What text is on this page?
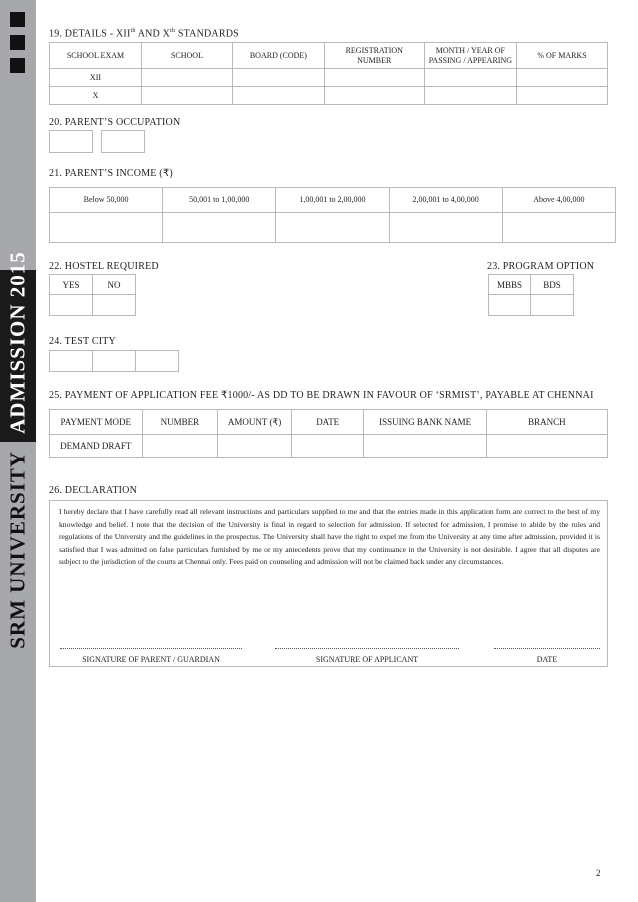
SRM UNIVERSITY ADMISSION 2015
19. DETAILS - XIIth AND Xth STANDARDS
SCHOOL EXAM	SCHOOL	BOARD (CODE)	REGISTRATION NUMBER	MONTH / YEAR OF PASSING / APPEARING	% OF MARKS
XII					
X					
20. PARENT’S OCCUPATION
21. PARENT’S INCOME (₹)
Below 50,000	50,001 to 1,00,000	1,00,001 to 2,00,000	2,00,001 to 4,00,000	Above 4,00,000

22. HOSTEL REQUIRED
YES	NO

23. PROGRAM OPTION
MBBS	BDS

24. TEST CITY
25. PAYMENT OF APPLICATION FEE ₹1000/- AS DD TO BE DRAWN IN FAVOUR OF ‘SRMIST’, PAYABLE AT CHENNAI
PAYMENT MODE	NUMBER	AMOUNT (₹)	DATE	ISSUING BANK NAME	BRANCH
DEMAND DRAFT					
26. DECLARATION

I hereby declare that I have carefully read all relevant instructions and particulars supplied to me and that the entries made in this application form are correct to the best of my knowledge and belief. I note that the decision of the University is final in regard to selection for admission. If selected for admission, I promise to abide by the rules and regulations of the University and the guidelines in the prospectus. The University shall have the right to expel me from the University at any time after admission, provided it is satisfied that I was admitted on false particulars furnished by me or my antecedents prove that my continuance in the University is not desirable. I agree that all disputes are subject to the jurisdiction of the courts at Chennai only. Fees paid on counseling and admission will not be claimed back under any circumstances.

SIGNATURE OF PARENT / GUARDIAN	SIGNATURE OF APPLICANT	DATE
2
